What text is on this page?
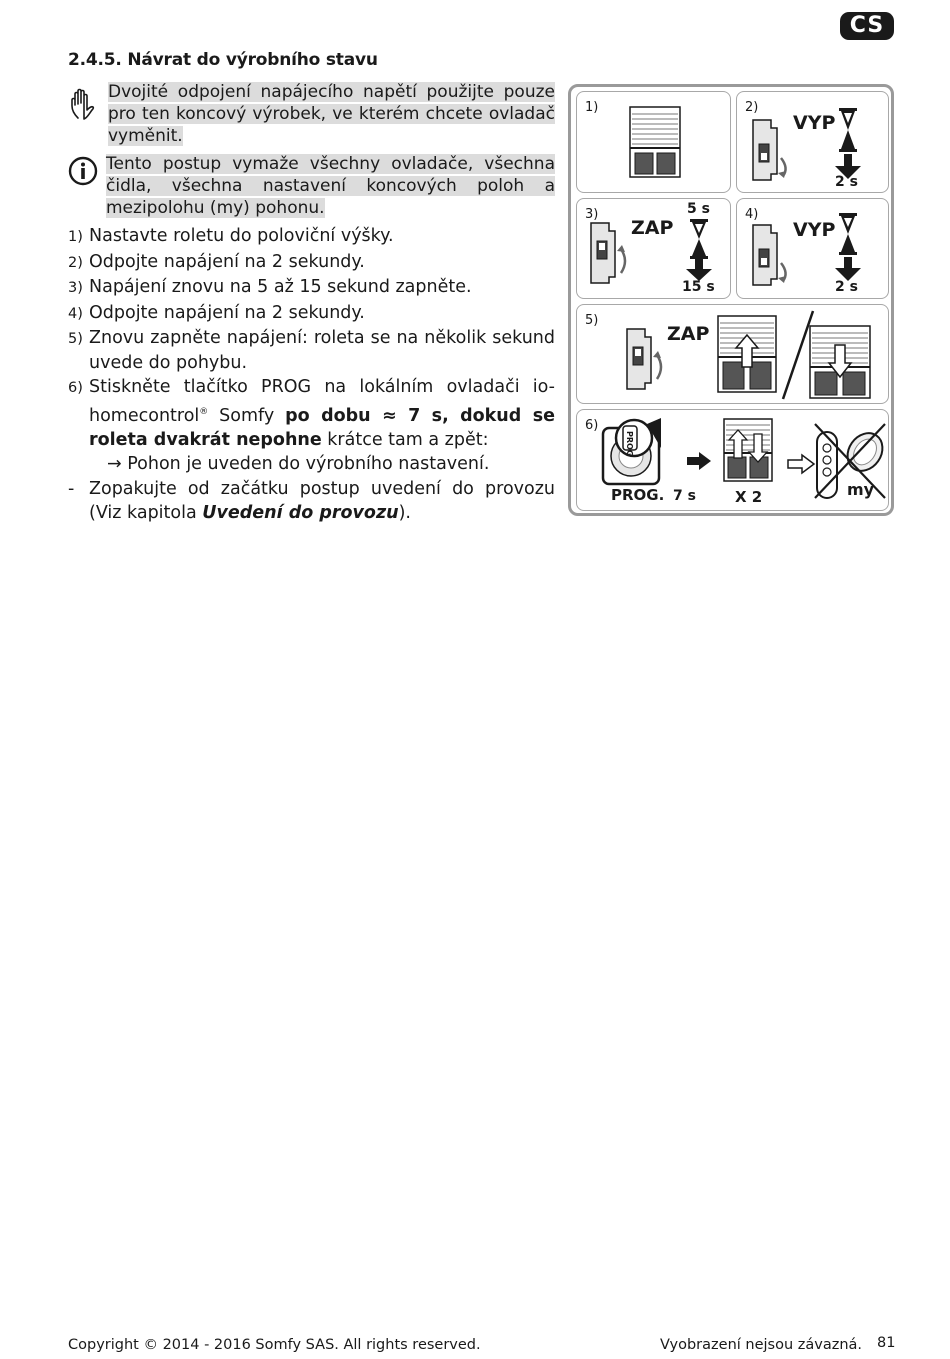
CS
2.4.5. Návrat do výrobního stavu
Dvojité odpojení napájecího napětí použijte pouze pro ten koncový výrobek, ve kterém chcete ovladač vyměnit.
Tento postup vymaže všechny ovladače, všechna čidla, všechna nastavení koncových poloh a mezipolohu (my) pohonu.
1) Nastavte roletu do poloviční výšky.
2) Odpojte napájení na 2 sekundy.
3) Napájení znovu na 5 až 15 sekund zapněte.
4) Odpojte napájení na 2 sekundy.
5) Znovu zapněte napájení: roleta se na několik sekund uvede do pohybu.
6) Stiskněte tlačítko PROG na lokálním ovladači io-homecontrol® Somfy po dobu ≈ 7 s, dokud se roleta dvakrát nepohne krátce tam a zpět:
→ Pohon je uveden do výrobního nastavení.
- Zopakujte od začátku postup uvedení do provozu (Viz kapitola Uvedení do provozu).
1)	2)
VYP
2 s
3)
ZAP
5 s
15 s
4)
VYP
2 s
5)
ZAP
6)
PROG
PROG. 7 s	X 2	my
Copyright © 2014 - 2016 Somfy SAS. All rights reserved.	Vyobrazení nejsou závazná. 81
